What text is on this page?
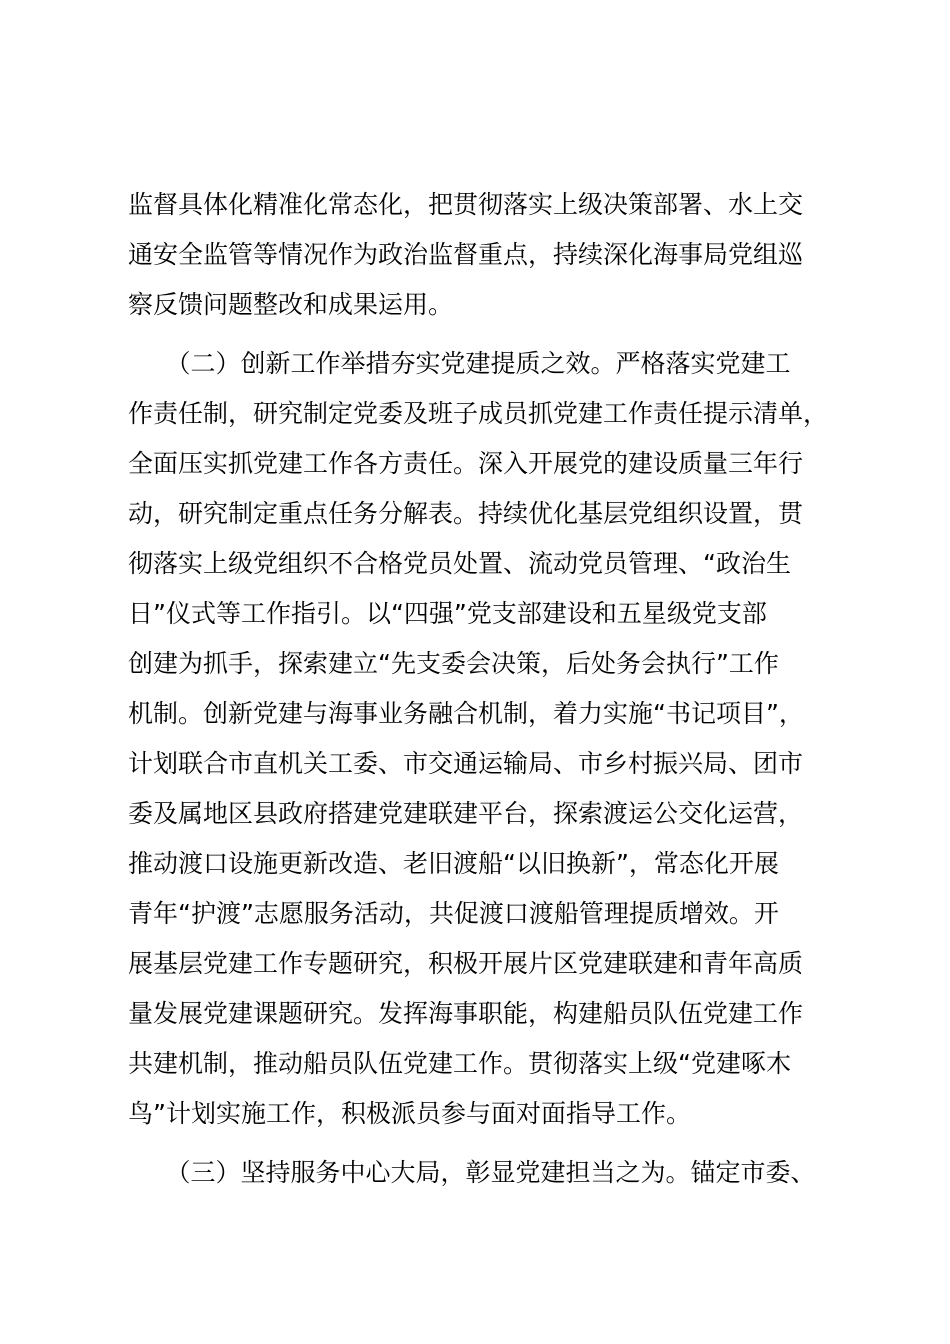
监督具体化精准化常态化，把贯彻落实上级决策部署、水上交
通安全监管等情况作为政治监督重点，持续深化海事局党组巡
察反馈问题整改和成果运用。
　　（二）创新工作举措夯实党建提质之效。严格落实党建工
作责任制，研究制定党委及班子成员抓党建工作责任提示清单，
全面压实抓党建工作各方责任。深入开展党的建设质量三年行
动，研究制定重点任务分解表。持续优化基层党组织设置，贯
彻落实上级党组织不合格党员处置、流动党员管理、“政治生
日”仪式等工作指引。以“四强”党支部建设和五星级党支部
创建为抓手，探索建立“先支委会决策，后处务会执行”工作
机制。创新党建与海事业务融合机制，着力实施“书记项目”，
计划联合市直机关工委、市交通运输局、市乡村振兴局、团市
委及属地区县政府搭建党建联建平台，探索渡运公交化运营，
推动渡口设施更新改造、老旧渡船“以旧换新”，常态化开展
青年“护渡”志愿服务活动，共促渡口渡船管理提质增效。开
展基层党建工作专题研究，积极开展片区党建联建和青年高质
量发展党建课题研究。发挥海事职能，构建船员队伍党建工作
共建机制，推动船员队伍党建工作。贯彻落实上级“党建啄木
鸟”计划实施工作，积极派员参与面对面指导工作。
　　（三）坚持服务中心大局，彰显党建担当之为。锚定市委、
